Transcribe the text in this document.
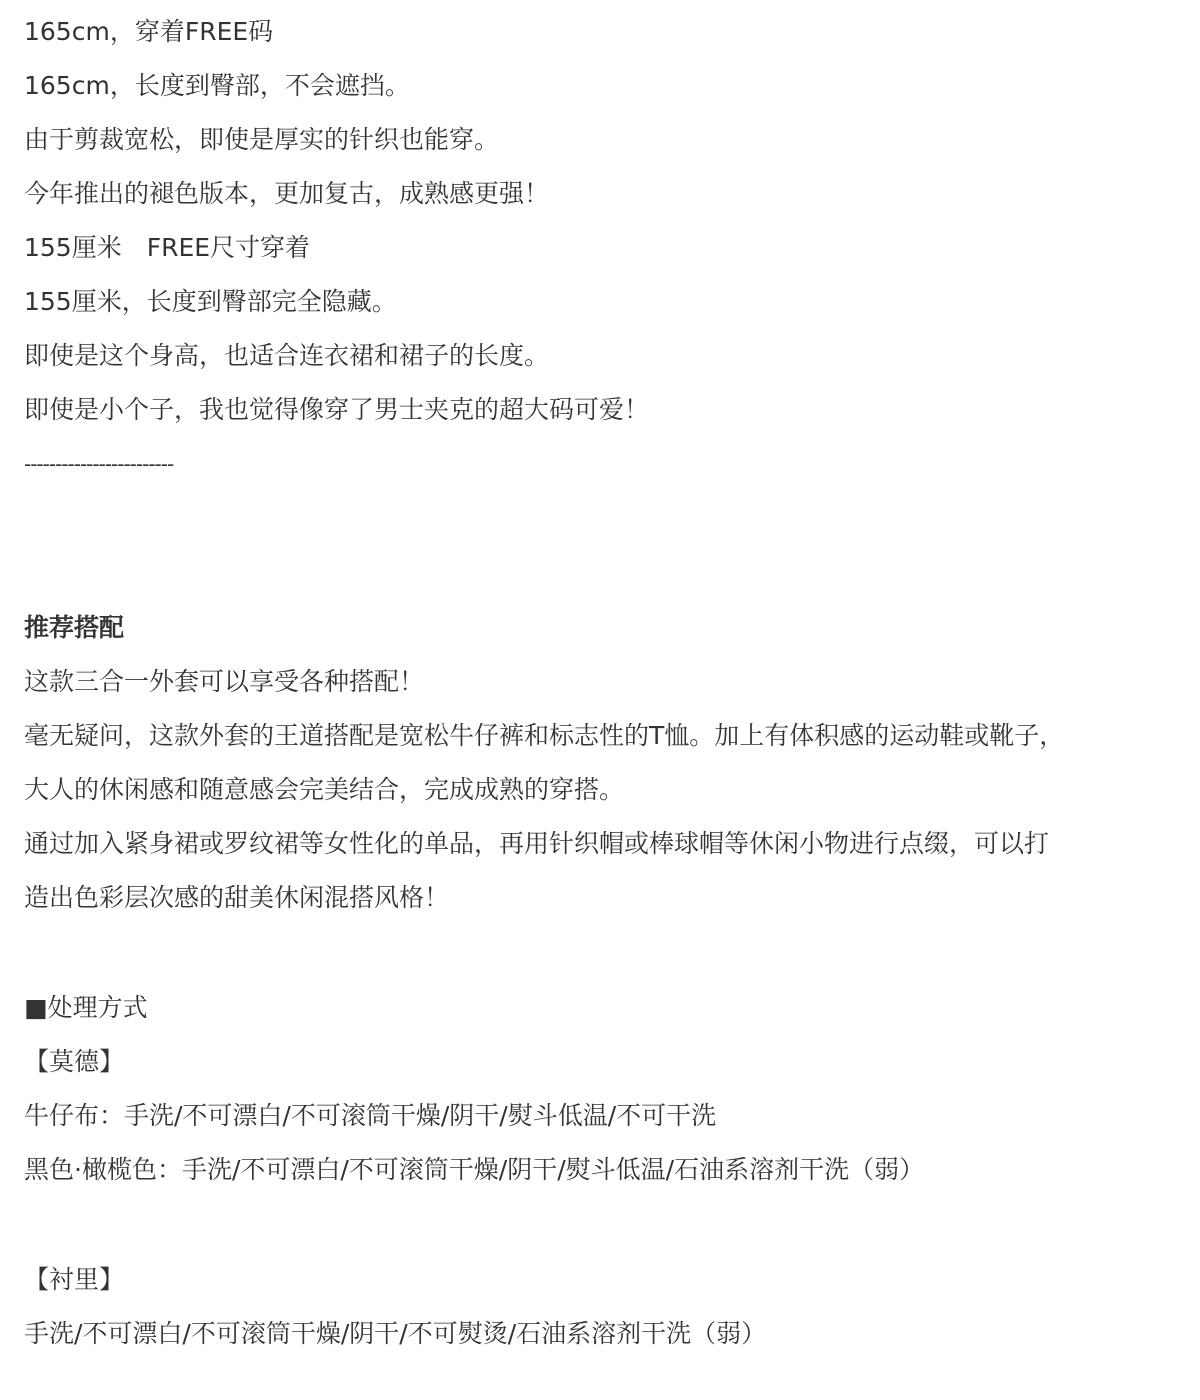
165cm，穿着FREE码
165cm，长度到臀部，不会遮挡。
由于剪裁宽松，即使是厚实的针织也能穿。
今年推出的褪色版本，更加复古，成熟感更强！
155厘米　FREE尺寸穿着
155厘米，长度到臀部完全隐藏。
即使是这个身高，也适合连衣裙和裙子的长度。
即使是小个子，我也觉得像穿了男士夹克的超大码可爱！
------------------------
推荐搭配
这款三合一外套可以享受各种搭配！
毫无疑问，这款外套的王道搭配是宽松牛仔裤和标志性的T恤。加上有体积感的运动鞋或靴子，
大人的休闲感和随意感会完美结合，完成成熟的穿搭。
通过加入紧身裙或罗纹裙等女性化的单品，再用针织帽或棒球帽等休闲小物进行点缀，可以打
造出色彩层次感的甜美休闲混搭风格！
■处理方式
【莫德】
牛仔布：手洗/不可漂白/不可滚筒干燥/阴干/熨斗低温/不可干洗
黑色·橄榄色：手洗/不可漂白/不可滚筒干燥/阴干/熨斗低温/石油系溶剂干洗（弱）
【衬里】
手洗/不可漂白/不可滚筒干燥/阴干/不可熨烫/石油系溶剂干洗（弱）
